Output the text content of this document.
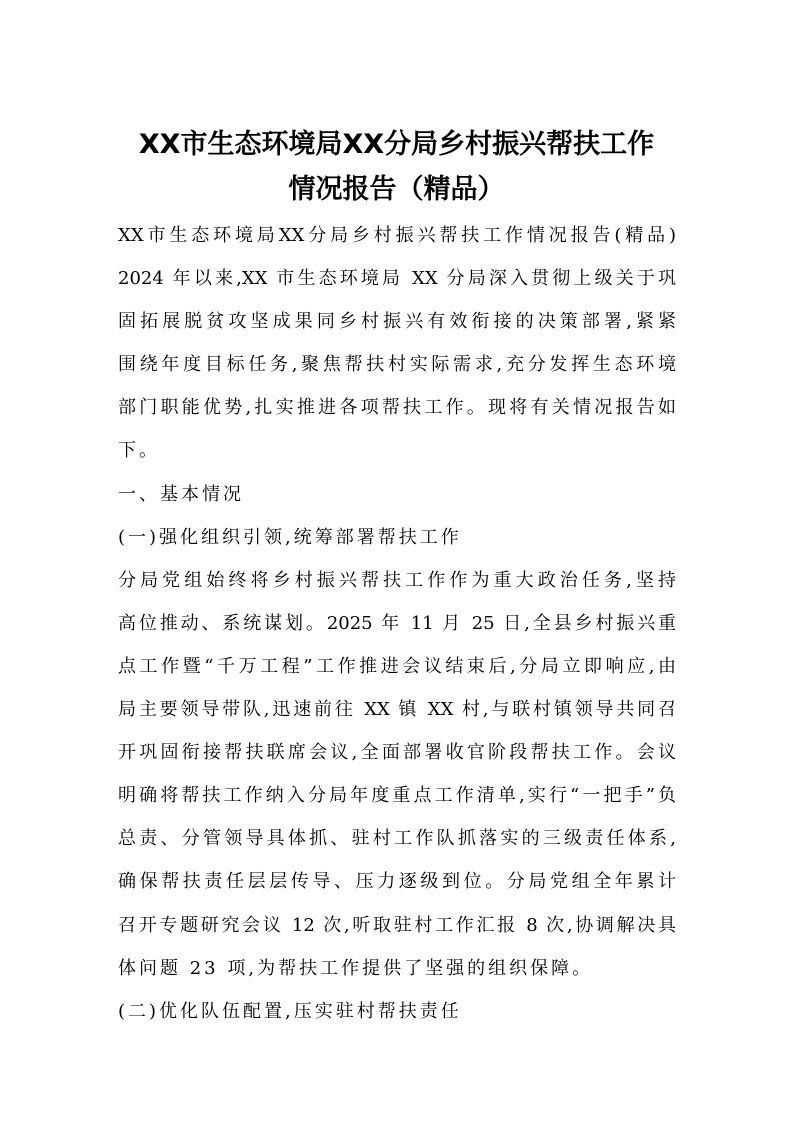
XX市生态环境局XX分局乡村振兴帮扶工作
情况报告（精品）
XX市生态环境局XX分局乡村振兴帮扶工作情况报告(精品)
2024 年以来,XX 市生态环境局 XX 分局深入贯彻上级关于巩
固拓展脱贫攻坚成果同乡村振兴有效衔接的决策部署,紧紧
围绕年度目标任务,聚焦帮扶村实际需求,充分发挥生态环境
部门职能优势,扎实推进各项帮扶工作。现将有关情况报告如
下。
一、基本情况
(一)强化组织引领,统筹部署帮扶工作
分局党组始终将乡村振兴帮扶工作作为重大政治任务,坚持
高位推动、系统谋划。2025 年 11 月 25 日,全县乡村振兴重
点工作暨“千万工程”工作推进会议结束后,分局立即响应,由
局主要领导带队,迅速前往 XX 镇 XX 村,与联村镇领导共同召
开巩固衔接帮扶联席会议,全面部署收官阶段帮扶工作。会议
明确将帮扶工作纳入分局年度重点工作清单,实行“一把手”负
总责、分管领导具体抓、驻村工作队抓落实的三级责任体系,
确保帮扶责任层层传导、压力逐级到位。分局党组全年累计
召开专题研究会议 12 次,听取驻村工作汇报 8 次,协调解决具
体问题 23 项,为帮扶工作提供了坚强的组织保障。
(二)优化队伍配置,压实驻村帮扶责任
